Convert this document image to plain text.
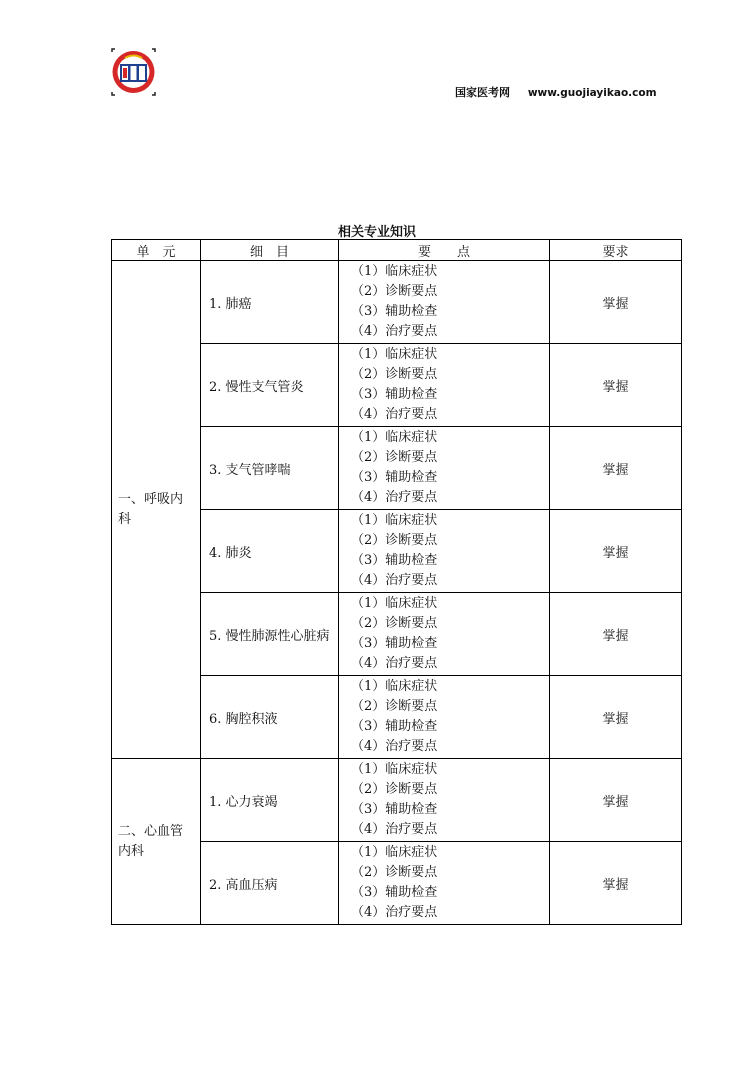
国家医考网 www.guojiayikao.com
相关专业知识
单　元	细　目	要　　点	要求
一、呼吸内科	1. 肺癌	（1）临床症状
（2）诊断要点
（3）辅助检查
（4）治疗要点	掌握
	2. 慢性支气管炎	（1）临床症状
（2）诊断要点
（3）辅助检查
（4）治疗要点	掌握
	3. 支气管哮喘	（1）临床症状
（2）诊断要点
（3）辅助检查
（4）治疗要点	掌握
	4. 肺炎	（1）临床症状
（2）诊断要点
（3）辅助检查
（4）治疗要点	掌握
	5. 慢性肺源性心脏病	（1）临床症状
（2）诊断要点
（3）辅助检查
（4）治疗要点	掌握
	6. 胸腔积液	（1）临床症状
（2）诊断要点
（3）辅助检查
（4）治疗要点	掌握
二、心血管内科	1. 心力衰竭	（1）临床症状
（2）诊断要点
（3）辅助检查
（4）治疗要点	掌握
	2. 高血压病	（1）临床症状
（2）诊断要点
（3）辅助检查
（4）治疗要点	掌握
